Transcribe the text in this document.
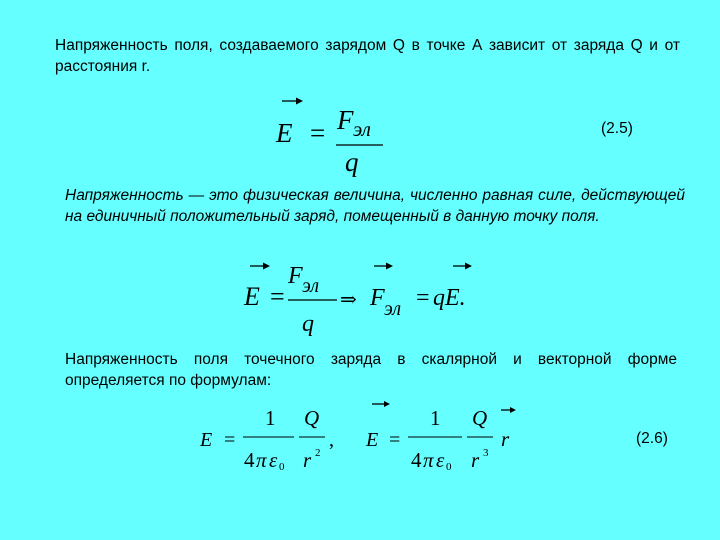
Напряженность поля, создаваемого зарядом Q в точке А зависит от заряда Q и от расстояния r.
E = F эл
q
(2.5)
Напряженность — это физическая величина, численно равная силе, действующей на единичный положительный заряд, помещенный в данную точку поля.
E =
F эл
q
⇒ F эл = qE.
Напряженность поля точечного заряда в скалярной и векторной форме определяется по формулам:
E =
1
4 π ε 0
Q
r 2
, E =
1
4 π ε 0
Q
r 3
r	(2.6)
